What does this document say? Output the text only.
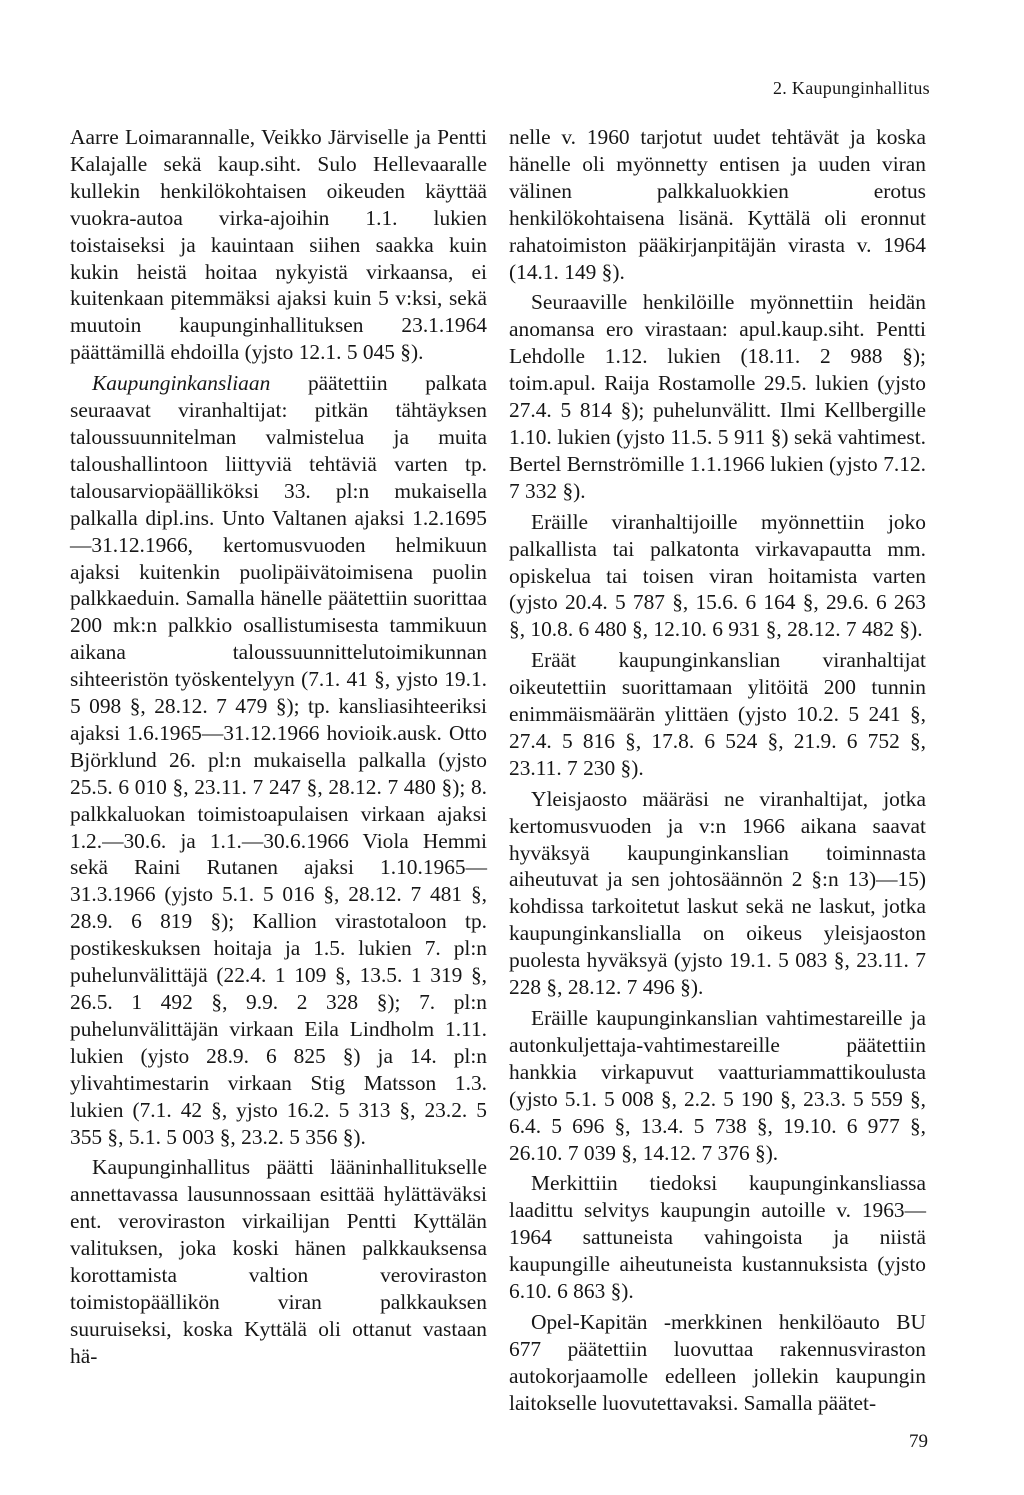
2. Kaupunginhallitus

Aarre Loimarannalle, Veikko Järviselle ja Pentti Kalajalle sekä kaup.siht. Sulo Hellevaaralle kullekin henkilökohtaisen oikeuden käyttää vuokra-autoa virka-ajoihin 1.1. lukien toistaiseksi ja kauintaan siihen saakka kuin kukin heistä hoitaa nykyistä virkaansa, ei kuitenkaan pitemmäksi ajaksi kuin 5 v:ksi, sekä muutoin kaupunginhallituksen 23.1.1964 päättämillä ehdoilla (yjsto 12.1. 5 045 §).

Kaupunginkansliaan päätettiin palkata seuraavat viranhaltijat: pitkän tähtäyksen taloussuunnitelman valmistelua ja muita taloushallintoon liittyviä tehtäviä varten tp. talousarviopäälliköksi 33. pl:n mukaisella palkalla dipl.ins. Unto Valtanen ajaksi 1.2.1695 —31.12.1966, kertomusvuoden helmikuun ajaksi kuitenkin puolipäivätoimisena puolin palkkaeduin. Samalla hänelle päätettiin suorittaa 200 mk:n palkkio osallistumisesta tammikuun aikana taloussuunnittelutoimikunnan sihteeristön työskentelyyn (7.1. 41 §, yjsto 19.1. 5 098 §, 28.12. 7 479 §); tp. kansliasihteeriksi ajaksi 1.6.1965—31.12.1966 hovioik.ausk. Otto Björklund 26. pl:n mukaisella palkalla (yjsto 25.5. 6 010 §, 23.11. 7 247 §, 28.12. 7 480 §); 8. palkkaluokan toimistoapulaisen virkaan ajaksi 1.2.—30.6. ja 1.1.—30.6.1966 Viola Hemmi sekä Raini Rutanen ajaksi 1.10.1965—31.3.1966 (yjsto 5.1. 5 016 §, 28.12. 7 481 §, 28.9. 6 819 §); Kallion virastotaloon tp. postikeskuksen hoitaja ja 1.5. lukien 7. pl:n puhelunvälittäjä (22.4. 1 109 §, 13.5. 1 319 §, 26.5. 1 492 §, 9.9. 2 328 §); 7. pl:n puhelunvälittäjän virkaan Eila Lindholm 1.11. lukien (yjsto 28.9. 6 825 §) ja 14. pl:n ylivahtimestarin virkaan Stig Matsson 1.3. lukien (7.1. 42 §, yjsto 16.2. 5 313 §, 23.2. 5 355 §, 5.1. 5 003 §, 23.2. 5 356 §).

Kaupunginhallitus päätti lääninhallitukselle annettavassa lausunnossaan esittää hylättäväksi ent. veroviraston virkailijan Pentti Kyttälän valituksen, joka koski hänen palkkauksensa korottamista valtion veroviraston toimistopäällikön viran palkkauksen suuruiseksi, koska Kyttälä oli ottanut vastaan hä-

nelle v. 1960 tarjotut uudet tehtävät ja koska hänelle oli myönnetty entisen ja uuden viran välinen palkkaluokkien erotus henkilökohtaisena lisänä. Kyttälä oli eronnut rahatoimiston pääkirjanpitäjän virasta v. 1964 (14.1. 149 §).

Seuraaville henkilöille myönnettiin heidän anomansa ero virastaan: apul.kaup.siht. Pentti Lehdolle 1.12. lukien (18.11. 2 988 §); toim.apul. Raija Rostamolle 29.5. lukien (yjsto 27.4. 5 814 §); puhelunvälitt. Ilmi Kellbergille 1.10. lukien (yjsto 11.5. 5 911 §) sekä vahtimest. Bertel Bernströmille 1.1.1966 lukien (yjsto 7.12. 7 332 §).

Eräille viranhaltijoille myönnettiin joko palkallista tai palkatonta virkavapautta mm. opiskelua tai toisen viran hoitamista varten (yjsto 20.4. 5 787 §, 15.6. 6 164 §, 29.6. 6 263 §, 10.8. 6 480 §, 12.10. 6 931 §, 28.12. 7 482 §).

Eräät kaupunginkanslian viranhaltijat oikeutettiin suorittamaan ylitöitä 200 tunnin enimmäismäärän ylittäen (yjsto 10.2. 5 241 §, 27.4. 5 816 §, 17.8. 6 524 §, 21.9. 6 752 §, 23.11. 7 230 §).

Yleisjaosto määräsi ne viranhaltijat, jotka kertomusvuoden ja v:n 1966 aikana saavat hyväksyä kaupunginkanslian toiminnasta aiheutuvat ja sen johtosäännön 2 §:n 13)—15) kohdissa tarkoitetut laskut sekä ne laskut, jotka kaupunginkanslialla on oikeus yleisjaoston puolesta hyväksyä (yjsto 19.1. 5 083 §, 23.11. 7 228 §, 28.12. 7 496 §).

Eräille kaupunginkanslian vahtimestareille ja autonkuljettaja-vahtimestareille päätettiin hankkia virkapuvut vaatturiammattikoulusta (yjsto 5.1. 5 008 §, 2.2. 5 190 §, 23.3. 5 559 §, 6.4. 5 696 §, 13.4. 5 738 §, 19.10. 6 977 §, 26.10. 7 039 §, 14.12. 7 376 §).

Merkittiin tiedoksi kaupunginkansliassa laadittu selvitys kaupungin autoille v. 1963—1964 sattuneista vahingoista ja niistä kaupungille aiheutuneista kustannuksista (yjsto 6.10. 6 863 §).

Opel-Kapitän -merkkinen henkilöauto BU 677 päätettiin luovuttaa rakennusviraston autokorjaamolle edelleen jollekin kaupungin laitokselle luovutettavaksi. Samalla päätet-

79
